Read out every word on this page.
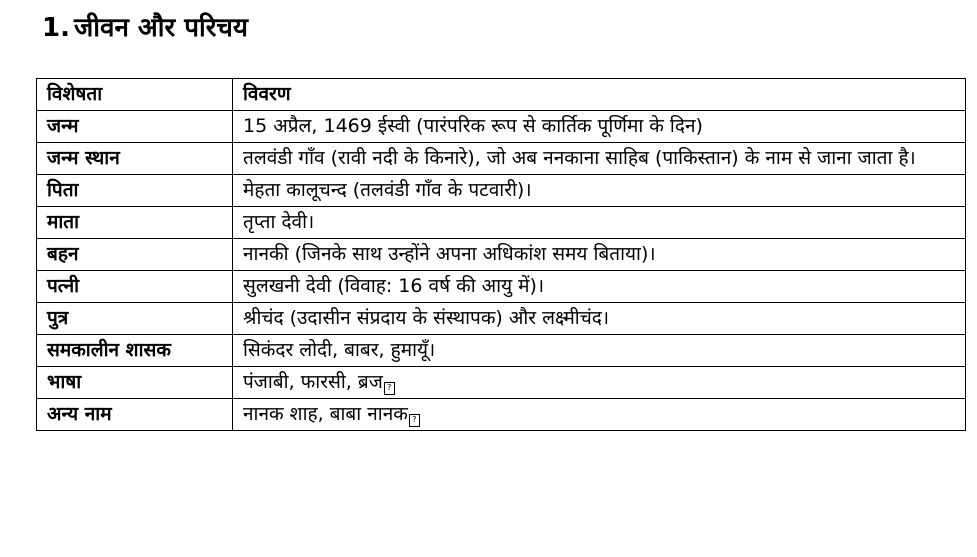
1. जीवन और परिचय
विशेषता	विवरण
जन्म	15 अप्रैल, 1469 ईस्वी (पारंपरिक रूप से कार्तिक पूर्णिमा के दिन)
जन्म स्थान	तलवंडी गाँव (रावी नदी के किनारे), जो अब ननकाना साहिब (पाकिस्तान) के नाम से जाना जाता है।
पिता	मेहता कालूचन्द (तलवंडी गाँव के पटवारी)।
माता	तृप्ता देवी।
बहन	नानकी (जिनके साथ उन्होंने अपना अधिकांश समय बिताया)।
पत्नी	सुलखनी देवी (विवाह: 16 वर्ष की आयु में)।
पुत्र	श्रीचंद (उदासीन संप्रदाय के संस्थापक) और लक्ष्मीचंद।
समकालीन शासक	सिकंदर लोदी, बाबर, हुमायूँ।
भाषा	पंजाबी, फारसी, ब्रज ?
अन्य नाम	नानक शाह, बाबा नानक ?
